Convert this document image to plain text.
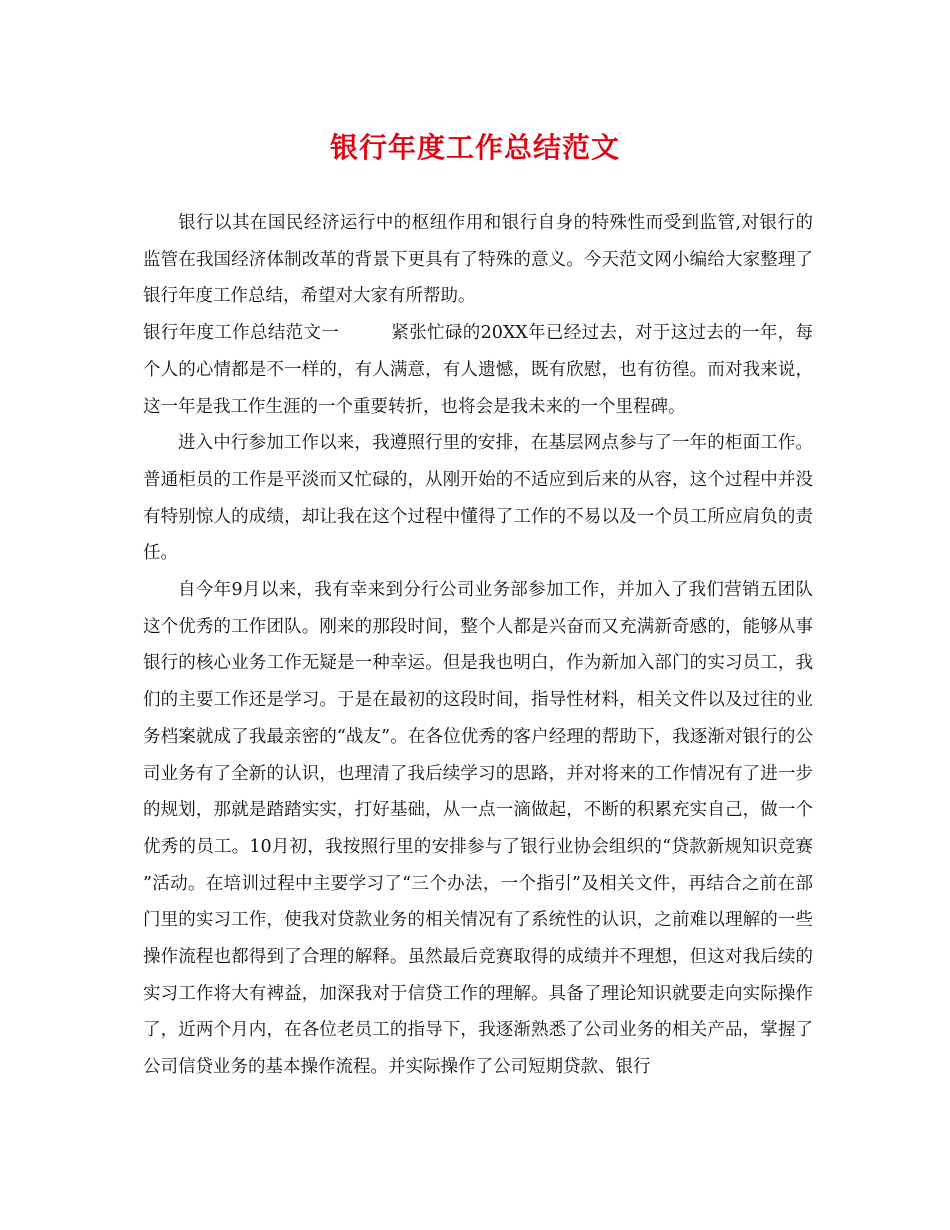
银行年度工作总结范文

银行以其在国民经济运行中的枢纽作用和银行自身的特殊性而受到监管,对银行的监管在我国经济体制改革的背景下更具有了特殊的意义。今天范文网小编给大家整理了银行年度工作总结，希望对大家有所帮助。

银行年度工作总结范文一	紧张忙碌的20XX年已经过去，对于这过去的一年，每个人的心情都是不一样的，有人满意，有人遗憾，既有欣慰，也有彷徨。而对我来说，这一年是我工作生涯的一个重要转折，也将会是我未来的一个里程碑。

进入中行参加工作以来，我遵照行里的安排，在基层网点参与了一年的柜面工作。普通柜员的工作是平淡而又忙碌的，从刚开始的不适应到后来的从容，这个过程中并没有特别惊人的成绩，却让我在这个过程中懂得了工作的不易以及一个员工所应肩负的责任。

自今年9月以来，我有幸来到分行公司业务部参加工作，并加入了我们营销五团队这个优秀的工作团队。刚来的那段时间，整个人都是兴奋而又充满新奇感的，能够从事银行的核心业务工作无疑是一种幸运。但是我也明白，作为新加入部门的实习员工，我们的主要工作还是学习。于是在最初的这段时间，指导性材料，相关文件以及过往的业务档案就成了我最亲密的“战友”。在各位优秀的客户经理的帮助下，我逐渐对银行的公司业务有了全新的认识，也理清了我后续学习的思路，并对将来的工作情况有了进一步的规划，那就是踏踏实实，打好基础，从一点一滴做起，不断的积累充实自己，做一个优秀的员工。10月初，我按照行里的安排参与了银行业协会组织的“贷款新规知识竞赛”活动。在培训过程中主要学习了“三个办法，一个指引”及相关文件，再结合之前在部门里的实习工作，使我对贷款业务的相关情况有了系统性的认识，之前难以理解的一些操作流程也都得到了合理的解释。虽然最后竞赛取得的成绩并不理想，但这对我后续的实习工作将大有裨益，加深我对于信贷工作的理解。具备了理论知识就要走向实际操作了，近两个月内，在各位老员工的指导下，我逐渐熟悉了公司业务的相关产品，掌握了公司信贷业务的基本操作流程。并实际操作了公司短期贷款、银行
